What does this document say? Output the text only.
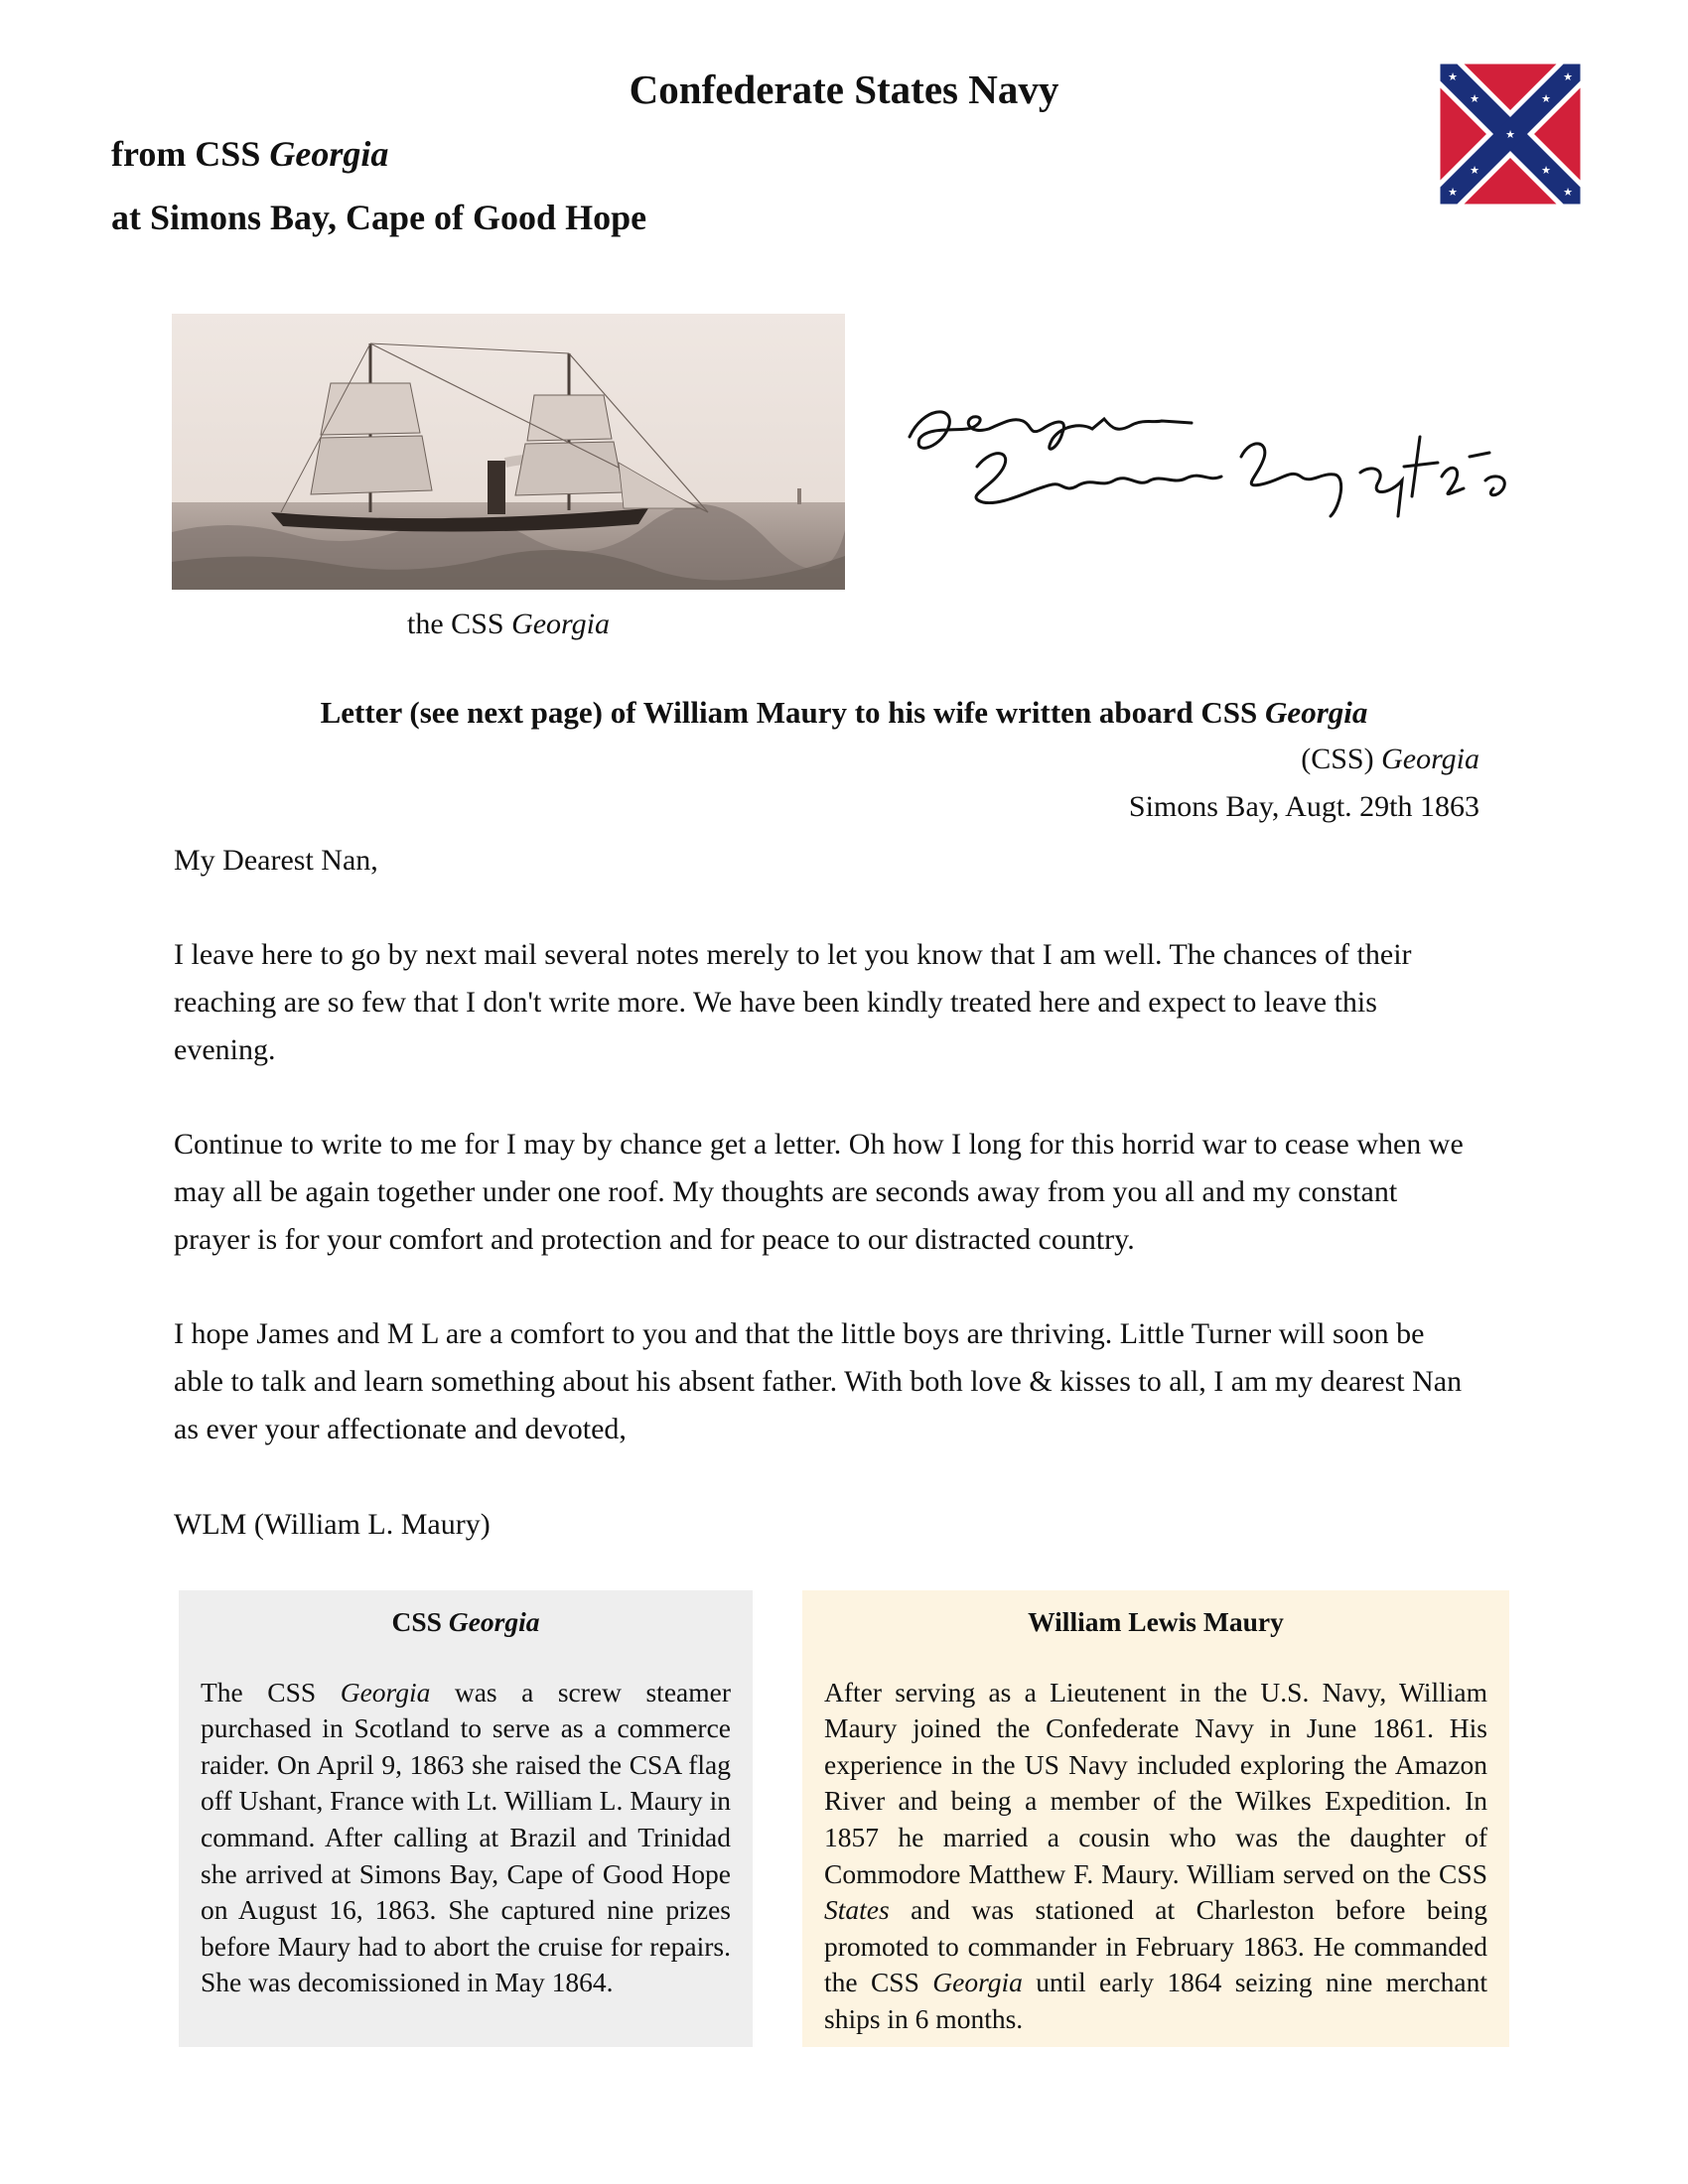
Confederate States Navy
from CSS Georgia
at Simons Bay, Cape of Good Hope
★	★
★	★
★
★	★
★	★
the CSS Georgia
Letter (see next page) of William Maury to his wife written aboard CSS Georgia
(CSS) Georgia
Simons Bay, Augt. 29th 1863
My Dearest Nan,
I leave here to go by next mail several notes merely to let you know that I am well. The chances of their reaching are so few that I don't write more. We have been kindly treated here and expect to leave this evening.
Continue to write to me for I may by chance get a letter. Oh how I long for this horrid war to cease when we may all be again together under one roof. My thoughts are seconds away from you all and my constant prayer is for your comfort and protection and for peace to our distracted country.
I hope James and M L are a comfort to you and that the little boys are thriving. Little Turner will soon be able to talk and learn something about his absent father. With both love & kisses to all, I am my dearest Nan as ever your affectionate and devoted,
WLM (William L. Maury)
CSS Georgia

The CSS Georgia was a screw steamer purchased in Scotland to serve as a commerce raider. On April 9, 1863 she raised the CSA flag off Ushant, France with Lt. William L. Maury in command. After calling at Brazil and Trinidad she arrived at Simons Bay, Cape of Good Hope on August 16, 1863. She captured nine prizes before Maury had to abort the cruise for repairs. She was decomissioned in May 1864.

William Lewis Maury

After serving as a Lieutenent in the U.S. Navy, William Maury joined the Confederate Navy in June 1861. His experience in the US Navy included exploring the Amazon River and being a member of the Wilkes Expedition. In 1857 he married a cousin who was the daughter of Commodore Matthew F. Maury. William served on the CSS States and was stationed at Charleston before being promoted to commander in February 1863. He commanded the CSS Georgia until early 1864 seizing nine merchant ships in 6 months.
